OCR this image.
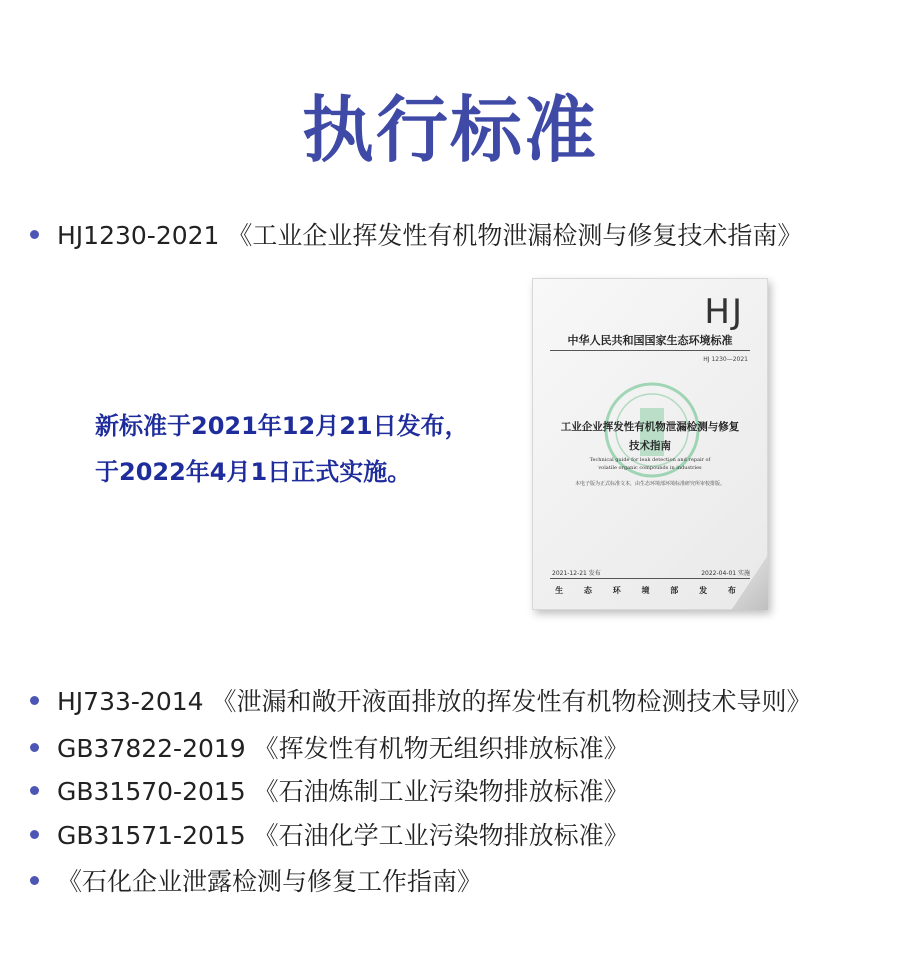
执行标准
HJ1230-2021 《工业企业挥发性有机物泄漏检测与修复技术指南》
新标准于2021年12月21日发布，
于2022年4月1日正式实施。
HJ
中华人民共和国国家生态环境标准
HJ 1230—2021
工业企业挥发性有机物泄漏检测与修复
技术指南
Technical guide for leak detection and repair of
volatile organic compounds in industries
本电子版为正式标准文本，由生态环境部环境标准研究所审校排版。
2021-12-21 发布	2022-04-01 实施
生 态 环 境 部 发 布
HJ733-2014 《泄漏和敞开液面排放的挥发性有机物检测技术导则》
GB37822-2019 《挥发性有机物无组织排放标准》
GB31570-2015 《石油炼制工业污染物排放标准》
GB31571-2015 《石油化学工业污染物排放标准》
《石化企业泄露检测与修复工作指南》
